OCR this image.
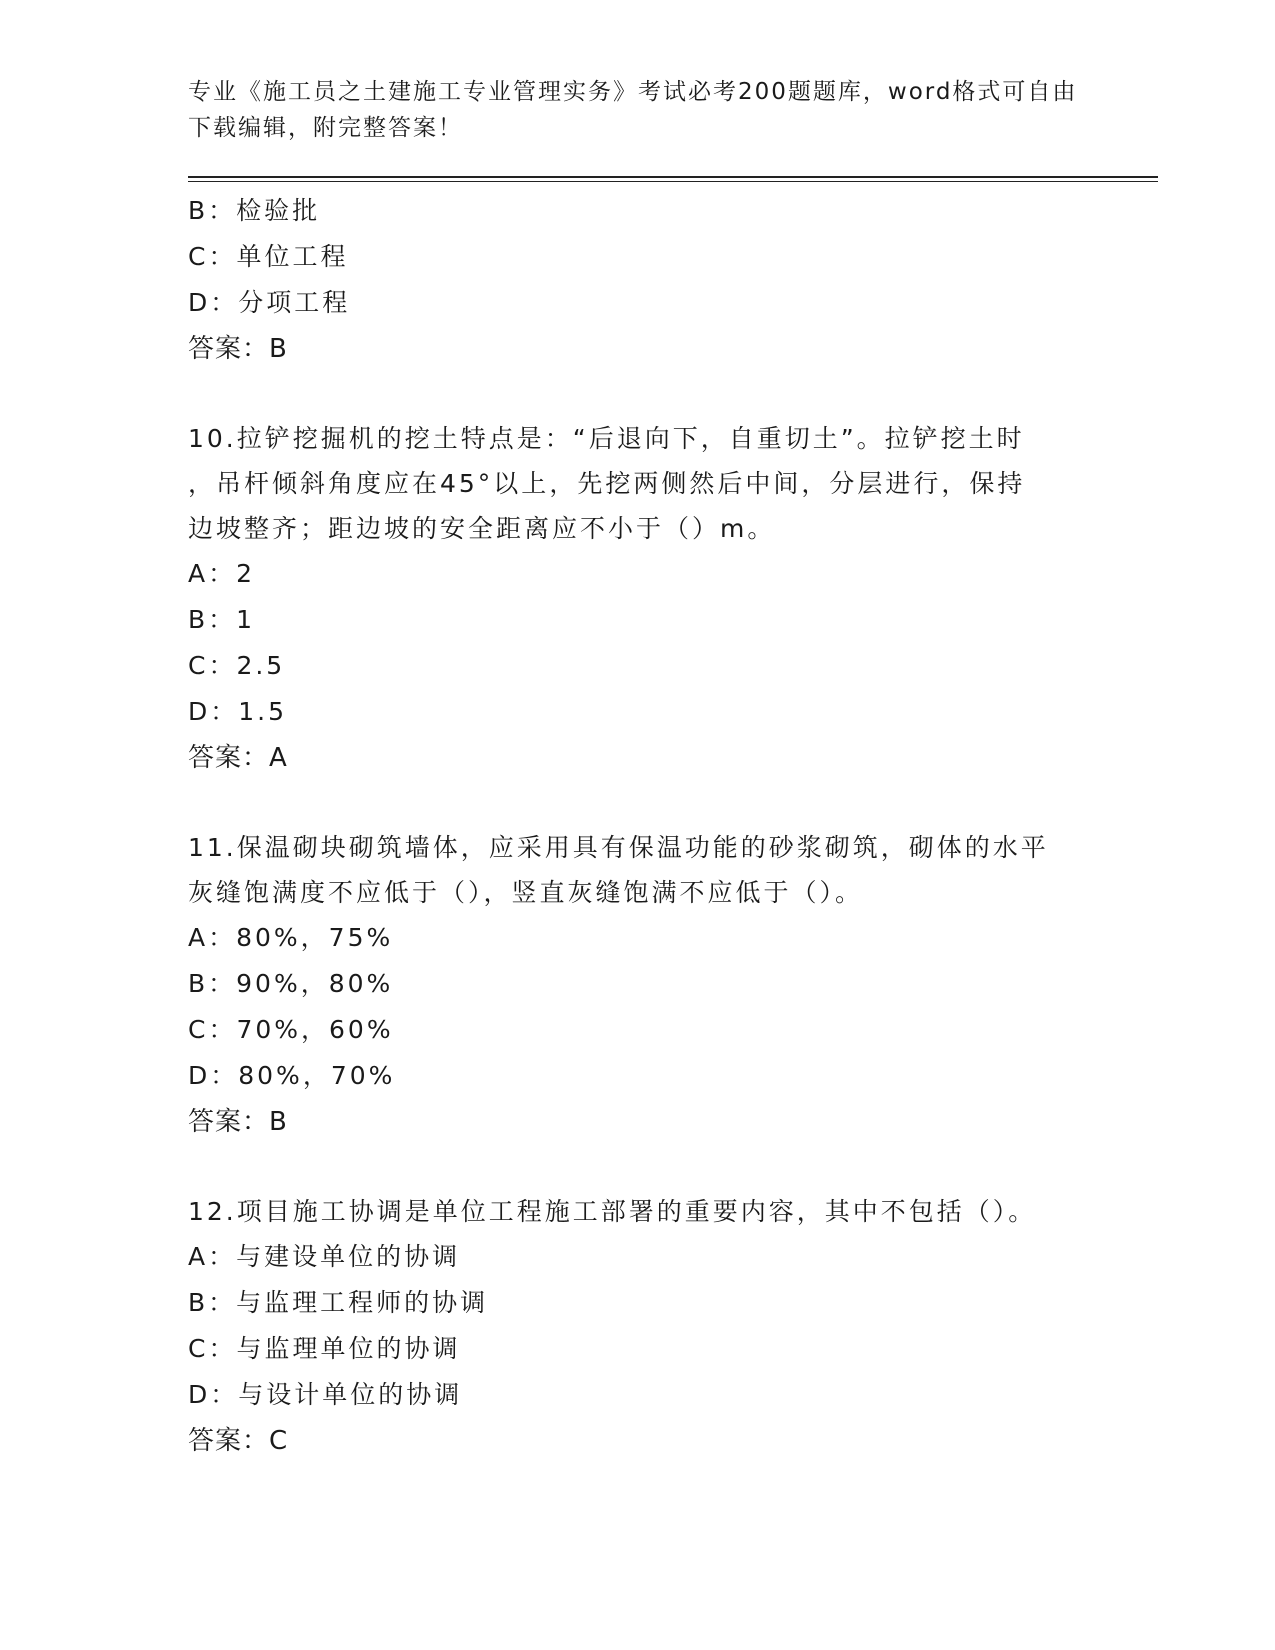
专业《施工员之土建施工专业管理实务》考试必考200题题库，word格式可自由下载编辑，附完整答案！
B：检验批
C：单位工程
D：分项工程
答案：B
10.拉铲挖掘机的挖土特点是：“后退向下，自重切土”。拉铲挖土时
，吊杆倾斜角度应在45°以上，先挖两侧然后中间，分层进行，保持
边坡整齐；距边坡的安全距离应不小于（）m。
A：2
B：1
C：2.5
D：1.5
答案：A
11.保温砌块砌筑墙体，应采用具有保温功能的砂浆砌筑，砌体的水平
灰缝饱满度不应低于（），竖直灰缝饱满不应低于（）。
A：80%，75%
B：90%，80%
C：70%，60%
D：80%，70%
答案：B
12.项目施工协调是单位工程施工部署的重要内容，其中不包括（）。
A：与建设单位的协调
B：与监理工程师的协调
C：与监理单位的协调
D：与设计单位的协调
答案：C
